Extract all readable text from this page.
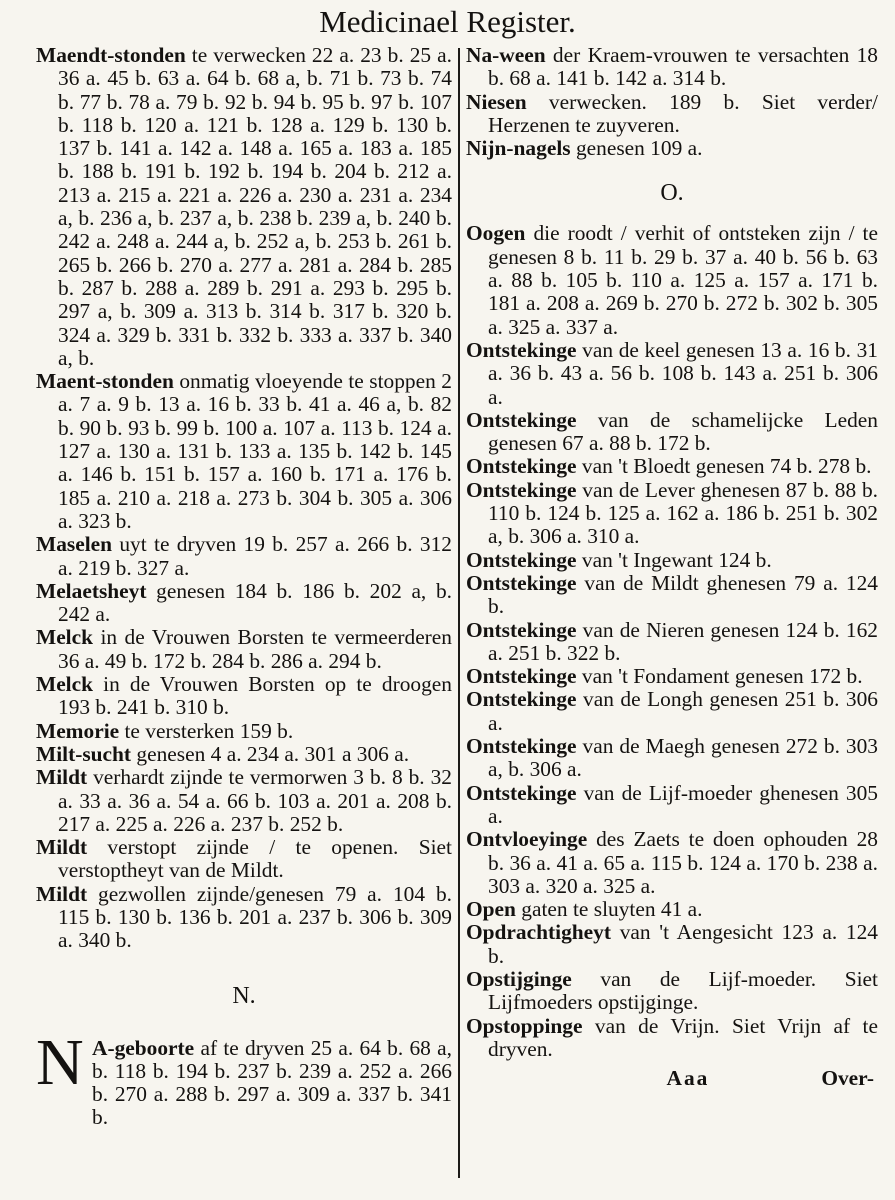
Medicinael Register.

Maendt-stonden te verwecken 22 a. 23 b. 25 a. 36 a. 45 b. 63 a. 64 b. 68 a, b. 71 b. 73 b. 74 b. 77 b. 78 a. 79 b. 92 b. 94 b. 95 b. 97 b. 107 b. 118 b. 120 a. 121 b. 128 a. 129 b. 130 b. 137 b. 141 a. 142 a. 148 a. 165 a. 183 a. 185 b. 188 b. 191 b. 192 b. 194 b. 204 b. 212 a. 213 a. 215 a. 221 a. 226 a. 230 a. 231 a. 234 a, b. 236 a, b. 237 a, b. 238 b. 239 a, b. 240 b. 242 a. 248 a. 244 a, b. 252 a, b. 253 b. 261 b. 265 b. 266 b. 270 a. 277 a. 281 a. 284 b. 285 b. 287 b. 288 a. 289 b. 291 a. 293 b. 295 b. 297 a, b. 309 a. 313 b. 314 b. 317 b. 320 b. 324 a. 329 b. 331 b. 332 b. 333 a. 337 b. 340 a, b.

Maent-stonden onmatig vloeyende te stoppen 2 a. 7 a. 9 b. 13 a. 16 b. 33 b. 41 a. 46 a, b. 82 b. 90 b. 93 b. 99 b. 100 a. 107 a. 113 b. 124 a. 127 a. 130 a. 131 b. 133 a. 135 b. 142 b. 145 a. 146 b. 151 b. 157 a. 160 b. 171 a. 176 b. 185 a. 210 a. 218 a. 273 b. 304 b. 305 a. 306 a. 323 b.

Maselen uyt te dryven 19 b. 257 a. 266 b. 312 a. 219 b. 327 a.

Melaetsheyt genesen 184 b. 186 b. 202 a, b. 242 a.

Melck in de Vrouwen Borsten te vermeerderen 36 a. 49 b. 172 b. 284 b. 286 a. 294 b.

Melck in de Vrouwen Borsten op te droogen 193 b. 241 b. 310 b.

Memorie te versterken 159 b.

Milt-sucht genesen 4 a. 234 a. 301 a 306 a.

Mildt verhardt zijnde te vermorwen 3 b. 8 b. 32 a. 33 a. 36 a. 54 a. 66 b. 103 a. 201 a. 208 b. 217 a. 225 a. 226 a. 237 b. 252 b.

Mildt verstopt zijnde / te openen. Siet verstoptheyt van de Mildt.

Mildt gezwollen zijnde/genesen 79 a. 104 b. 115 b. 130 b. 136 b. 201 a. 237 b. 306 b. 309 a. 340 b.

N.

N A-geboorte af te dryven 25 a. 64 b. 68 a, b. 118 b. 194 b. 237 b. 239 a. 252 a. 266 b. 270 a. 288 b. 297 a. 309 a. 337 b. 341 b.

Na-ween der Kraem-vrouwen te versachten 18 b. 68 a. 141 b. 142 a. 314 b.

Niesen verwecken. 189 b. Siet verder/ Herzenen te zuyveren.

Nijn-nagels genesen 109 a.

O.

Oogen die roodt / verhit of ontsteken zijn / te genesen 8 b. 11 b. 29 b. 37 a. 40 b. 56 b. 63 a. 88 b. 105 b. 110 a. 125 a. 157 a. 171 b. 181 a. 208 a. 269 b. 270 b. 272 b. 302 b. 305 a. 325 a. 337 a.

Ontstekinge van de keel genesen 13 a. 16 b. 31 a. 36 b. 43 a. 56 b. 108 b. 143 a. 251 b. 306 a.

Ontstekinge van de schamelijcke Leden genesen 67 a. 88 b. 172 b.

Ontstekinge van 't Bloedt genesen 74 b. 278 b.

Ontstekinge van de Lever ghenesen 87 b. 88 b. 110 b. 124 b. 125 a. 162 a. 186 b. 251 b. 302 a, b. 306 a. 310 a.

Ontstekinge van 't Ingewant 124 b.

Ontstekinge van de Mildt ghenesen 79 a. 124 b.

Ontstekinge van de Nieren genesen 124 b. 162 a. 251 b. 322 b.

Ontstekinge van 't Fondament genesen 172 b.

Ontstekinge van de Longh genesen 251 b. 306 a.

Ontstekinge van de Maegh genesen 272 b. 303 a, b. 306 a.

Ontstekinge van de Lijf-moeder ghenesen 305 a.

Ontvloeyinge des Zaets te doen ophouden 28 b. 36 a. 41 a. 65 a. 115 b. 124 a. 170 b. 238 a. 303 a. 320 a. 325 a.

Open gaten te sluyten 41 a.

Opdrachtigheyt van 't Aengesicht 123 a. 124 b.

Opstijginge van de Lijf-moeder. Siet Lijfmoeders opstijginge.

Opstoppinge van de Vrijn. Siet Vrijn af te dryven.

Aaa	Over-
